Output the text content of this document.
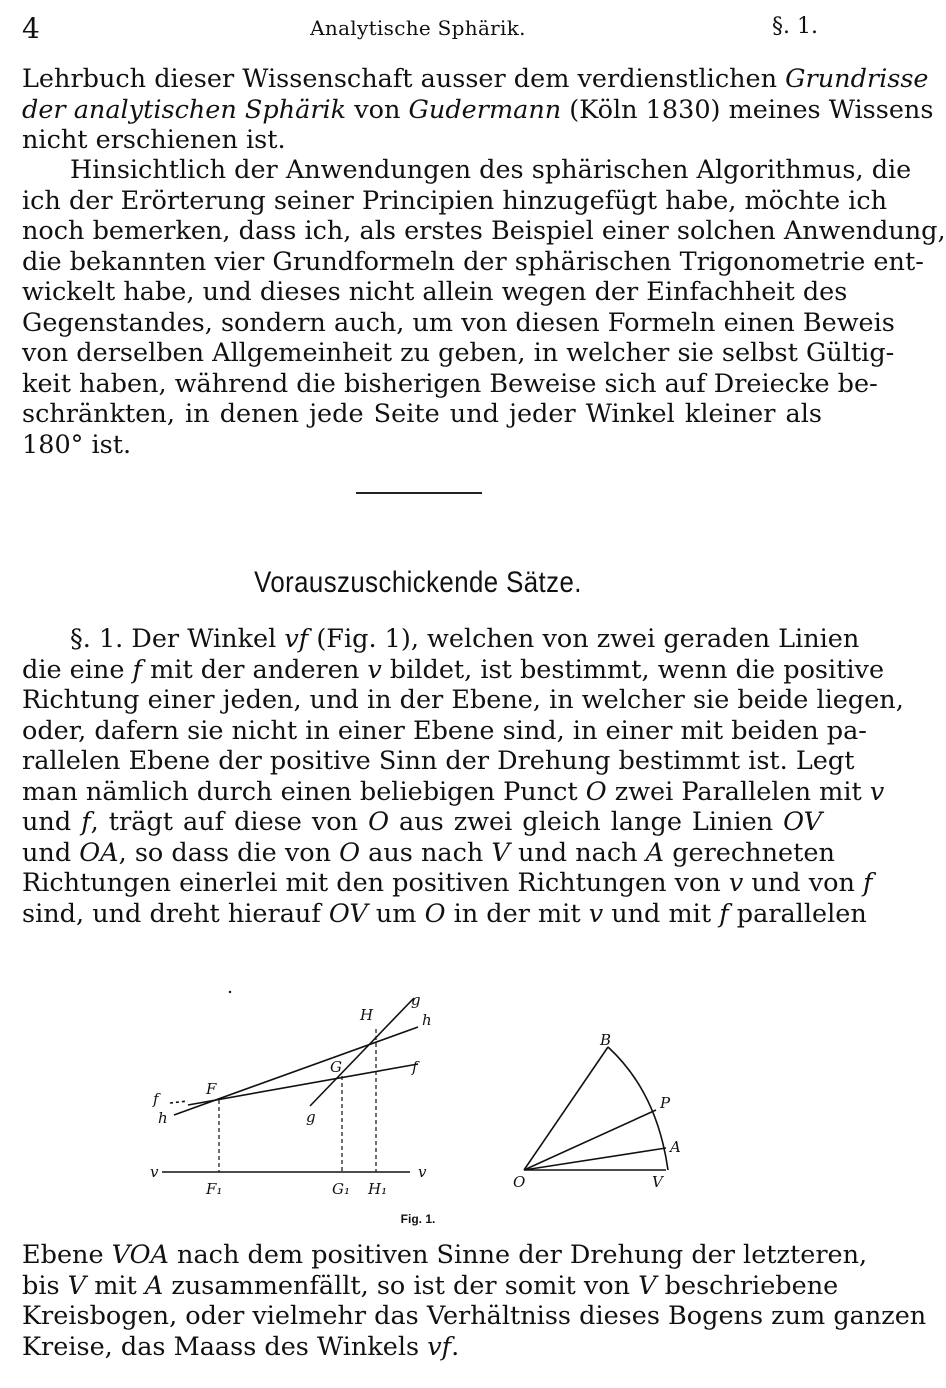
4	Analytische Sphärik.	§. 1.
Lehrbuch dieser Wissenschaft ausser dem verdienstlichen Grundrisse
der analytischen Sphärik von Gudermann (Köln 1830) meines Wissens
nicht erschienen ist.
Hinsichtlich der Anwendungen des sphärischen Algorithmus, die
ich der Erörterung seiner Principien hinzugefügt habe, möchte ich
noch bemerken, dass ich, als erstes Beispiel einer solchen Anwendung,
die bekannten vier Grundformeln der sphärischen Trigonometrie ent-
wickelt habe, und dieses nicht allein wegen der Einfachheit des
Gegenstandes, sondern auch, um von diesen Formeln einen Beweis
von derselben Allgemeinheit zu geben, in welcher sie selbst Gültig-
keit haben, während die bisherigen Beweise sich auf Dreiecke be-
schränkten, in denen jede Seite und jeder Winkel kleiner als
180° ist.
Vorauszuschickende Sätze.
§. 1. Der Winkel vf (Fig. 1), welchen von zwei geraden Linien
die eine f mit der anderen v bildet, ist bestimmt, wenn die positive
Richtung einer jeden, und in der Ebene, in welcher sie beide liegen,
oder, dafern sie nicht in einer Ebene sind, in einer mit beiden pa-
rallelen Ebene der positive Sinn der Drehung bestimmt ist. Legt
man nämlich durch einen beliebigen Punct O zwei Parallelen mit v
und f, trägt auf diese von O aus zwei gleich lange Linien OV
und OA, so dass die von O aus nach V und nach A gerechneten
Richtungen einerlei mit den positiven Richtungen von v und von f
sind, und dreht hierauf OV um O in der mit v und mit f parallelen
g
h
H
G	f
F
f
h	g
v	v
F₁	G₁ H₁
B
P
A
O	V
Fig. 1.
Ebene VOA nach dem positiven Sinne der Drehung der letzteren,
bis V mit A zusammenfällt, so ist der somit von V beschriebene
Kreisbogen, oder vielmehr das Verhältniss dieses Bogens zum ganzen
Kreise, das Maass des Winkels vf.
